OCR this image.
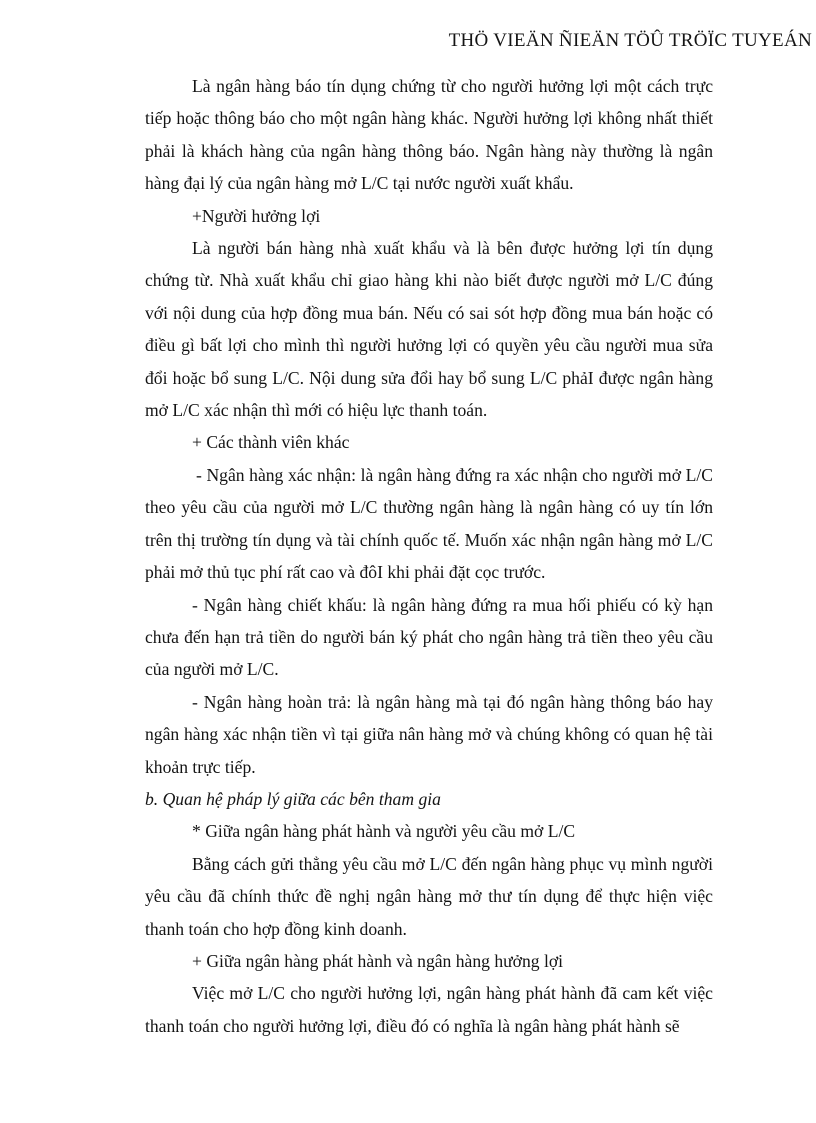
THÖ VIEÄN ÑIEÄN TÖÛ TRÖÏC TUYEÁN

Là ngân hàng báo tín dụng chứng từ cho người hưởng lợi một cách trực tiếp hoặc thông báo cho một ngân hàng khác. Người hưởng lợi không nhất thiết phải là khách hàng của ngân hàng thông báo. Ngân hàng này thường là ngân hàng đại lý của ngân hàng mở L/C tại nước người xuất khẩu.

+Người hưởng lợi

Là người bán hàng nhà xuất khẩu và là bên được hưởng lợi tín dụng chứng từ. Nhà xuất khẩu chỉ giao hàng khi nào biết được người mở L/C đúng với nội dung của hợp đồng mua bán. Nếu có sai sót hợp đồng mua bán hoặc có điều gì bất lợi cho mình thì người hưởng lợi có quyền yêu cầu người mua sửa đổi hoặc bổ sung L/C. Nội dung sửa đổi hay bổ sung L/C phảI được ngân hàng mở L/C xác nhận thì mới có hiệu lực thanh toán.

+ Các thành viên khác

- Ngân hàng xác nhận: là ngân hàng đứng ra xác nhận cho người mở L/C theo yêu cầu của người mở L/C thường ngân hàng là ngân hàng có uy tín lớn trên thị trường tín dụng và tài chính quốc tế. Muốn xác nhận ngân hàng mở L/C phải mở thủ tục phí rất cao và đôI khi phải đặt cọc trước.

- Ngân hàng chiết khấu: là ngân hàng đứng ra mua hối phiếu có kỳ hạn chưa đến hạn trả tiền do người bán ký phát cho ngân hàng trả tiền theo yêu cầu của người mở L/C.

- Ngân hàng hoàn trả: là ngân hàng mà tại đó ngân hàng thông báo hay ngân hàng xác nhận tiền vì tại giữa nân hàng mở và chúng không có quan hệ tài khoản trực tiếp.

b. Quan hệ pháp lý giữa các bên tham gia

* Giữa ngân hàng phát hành và người yêu cầu mở L/C

Bằng cách gửi thẳng yêu cầu mở L/C đến ngân hàng phục vụ mình người yêu cầu đã chính thức đề nghị ngân hàng mở thư tín dụng để thực hiện việc thanh toán cho hợp đồng kinh doanh.

+ Giữa ngân hàng phát hành và ngân hàng hưởng lợi

Việc mở L/C cho người hưởng lợi, ngân hàng phát hành đã cam kết việc thanh toán cho người hưởng lợi, điều đó có nghĩa là ngân hàng phát hành sẽ
